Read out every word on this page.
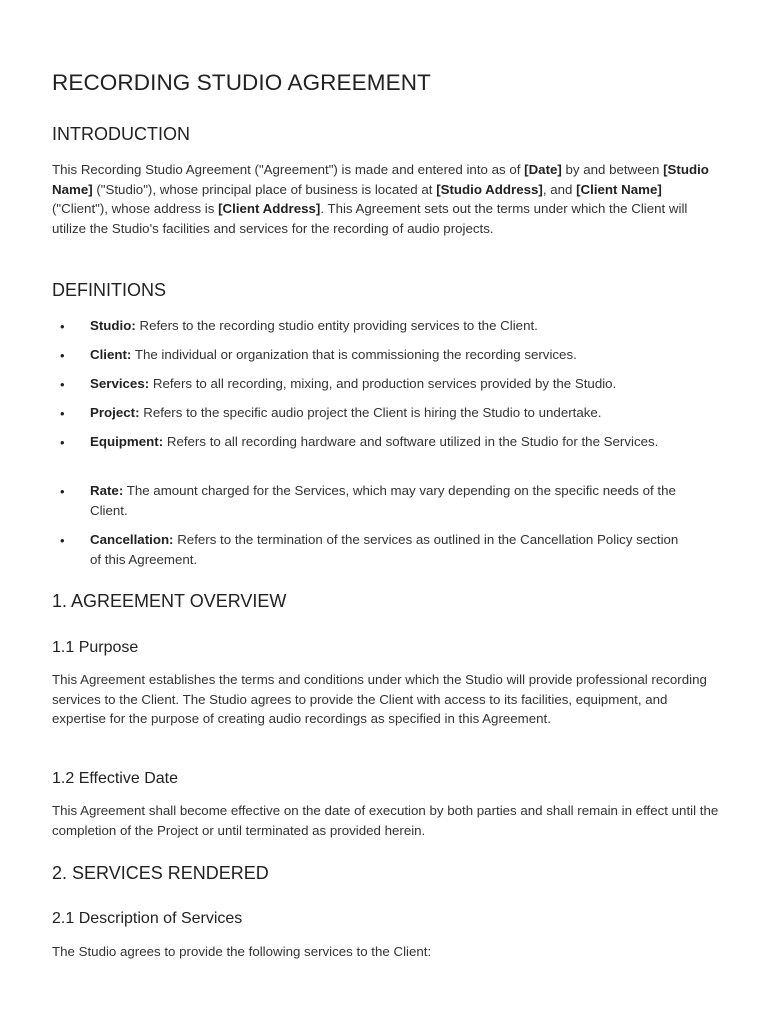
RECORDING STUDIO AGREEMENT
INTRODUCTION

This Recording Studio Agreement ("Agreement") is made and entered into as of [Date] by and between [Studio Name] ("Studio"), whose principal place of business is located at [Studio Address], and [Client Name] ("Client"), whose address is [Client Address]. This Agreement sets out the terms under which the Client will utilize the Studio's facilities and services for the recording of audio projects.

DEFINITIONS
• Studio: Refers to the recording studio entity providing services to the Client.
• Client: The individual or organization that is commissioning the recording services.
• Services: Refers to all recording, mixing, and production services provided by the Studio.
• Project: Refers to the specific audio project the Client is hiring the Studio to undertake.
• Equipment: Refers to all recording hardware and software utilized in the Studio for the Services.
• Rate: The amount charged for the Services, which may vary depending on the specific needs of the Client.
• Cancellation: Refers to the termination of the services as outlined in the Cancellation Policy section of this Agreement.
1. AGREEMENT OVERVIEW
1.1 Purpose

This Agreement establishes the terms and conditions under which the Studio will provide professional recording services to the Client. The Studio agrees to provide the Client with access to its facilities, equipment, and expertise for the purpose of creating audio recordings as specified in this Agreement.

1.2 Effective Date

This Agreement shall become effective on the date of execution by both parties and shall remain in effect until the completion of the Project or until terminated as provided herein.

2. SERVICES RENDERED
2.1 Description of Services

The Studio agrees to provide the following services to the Client:
